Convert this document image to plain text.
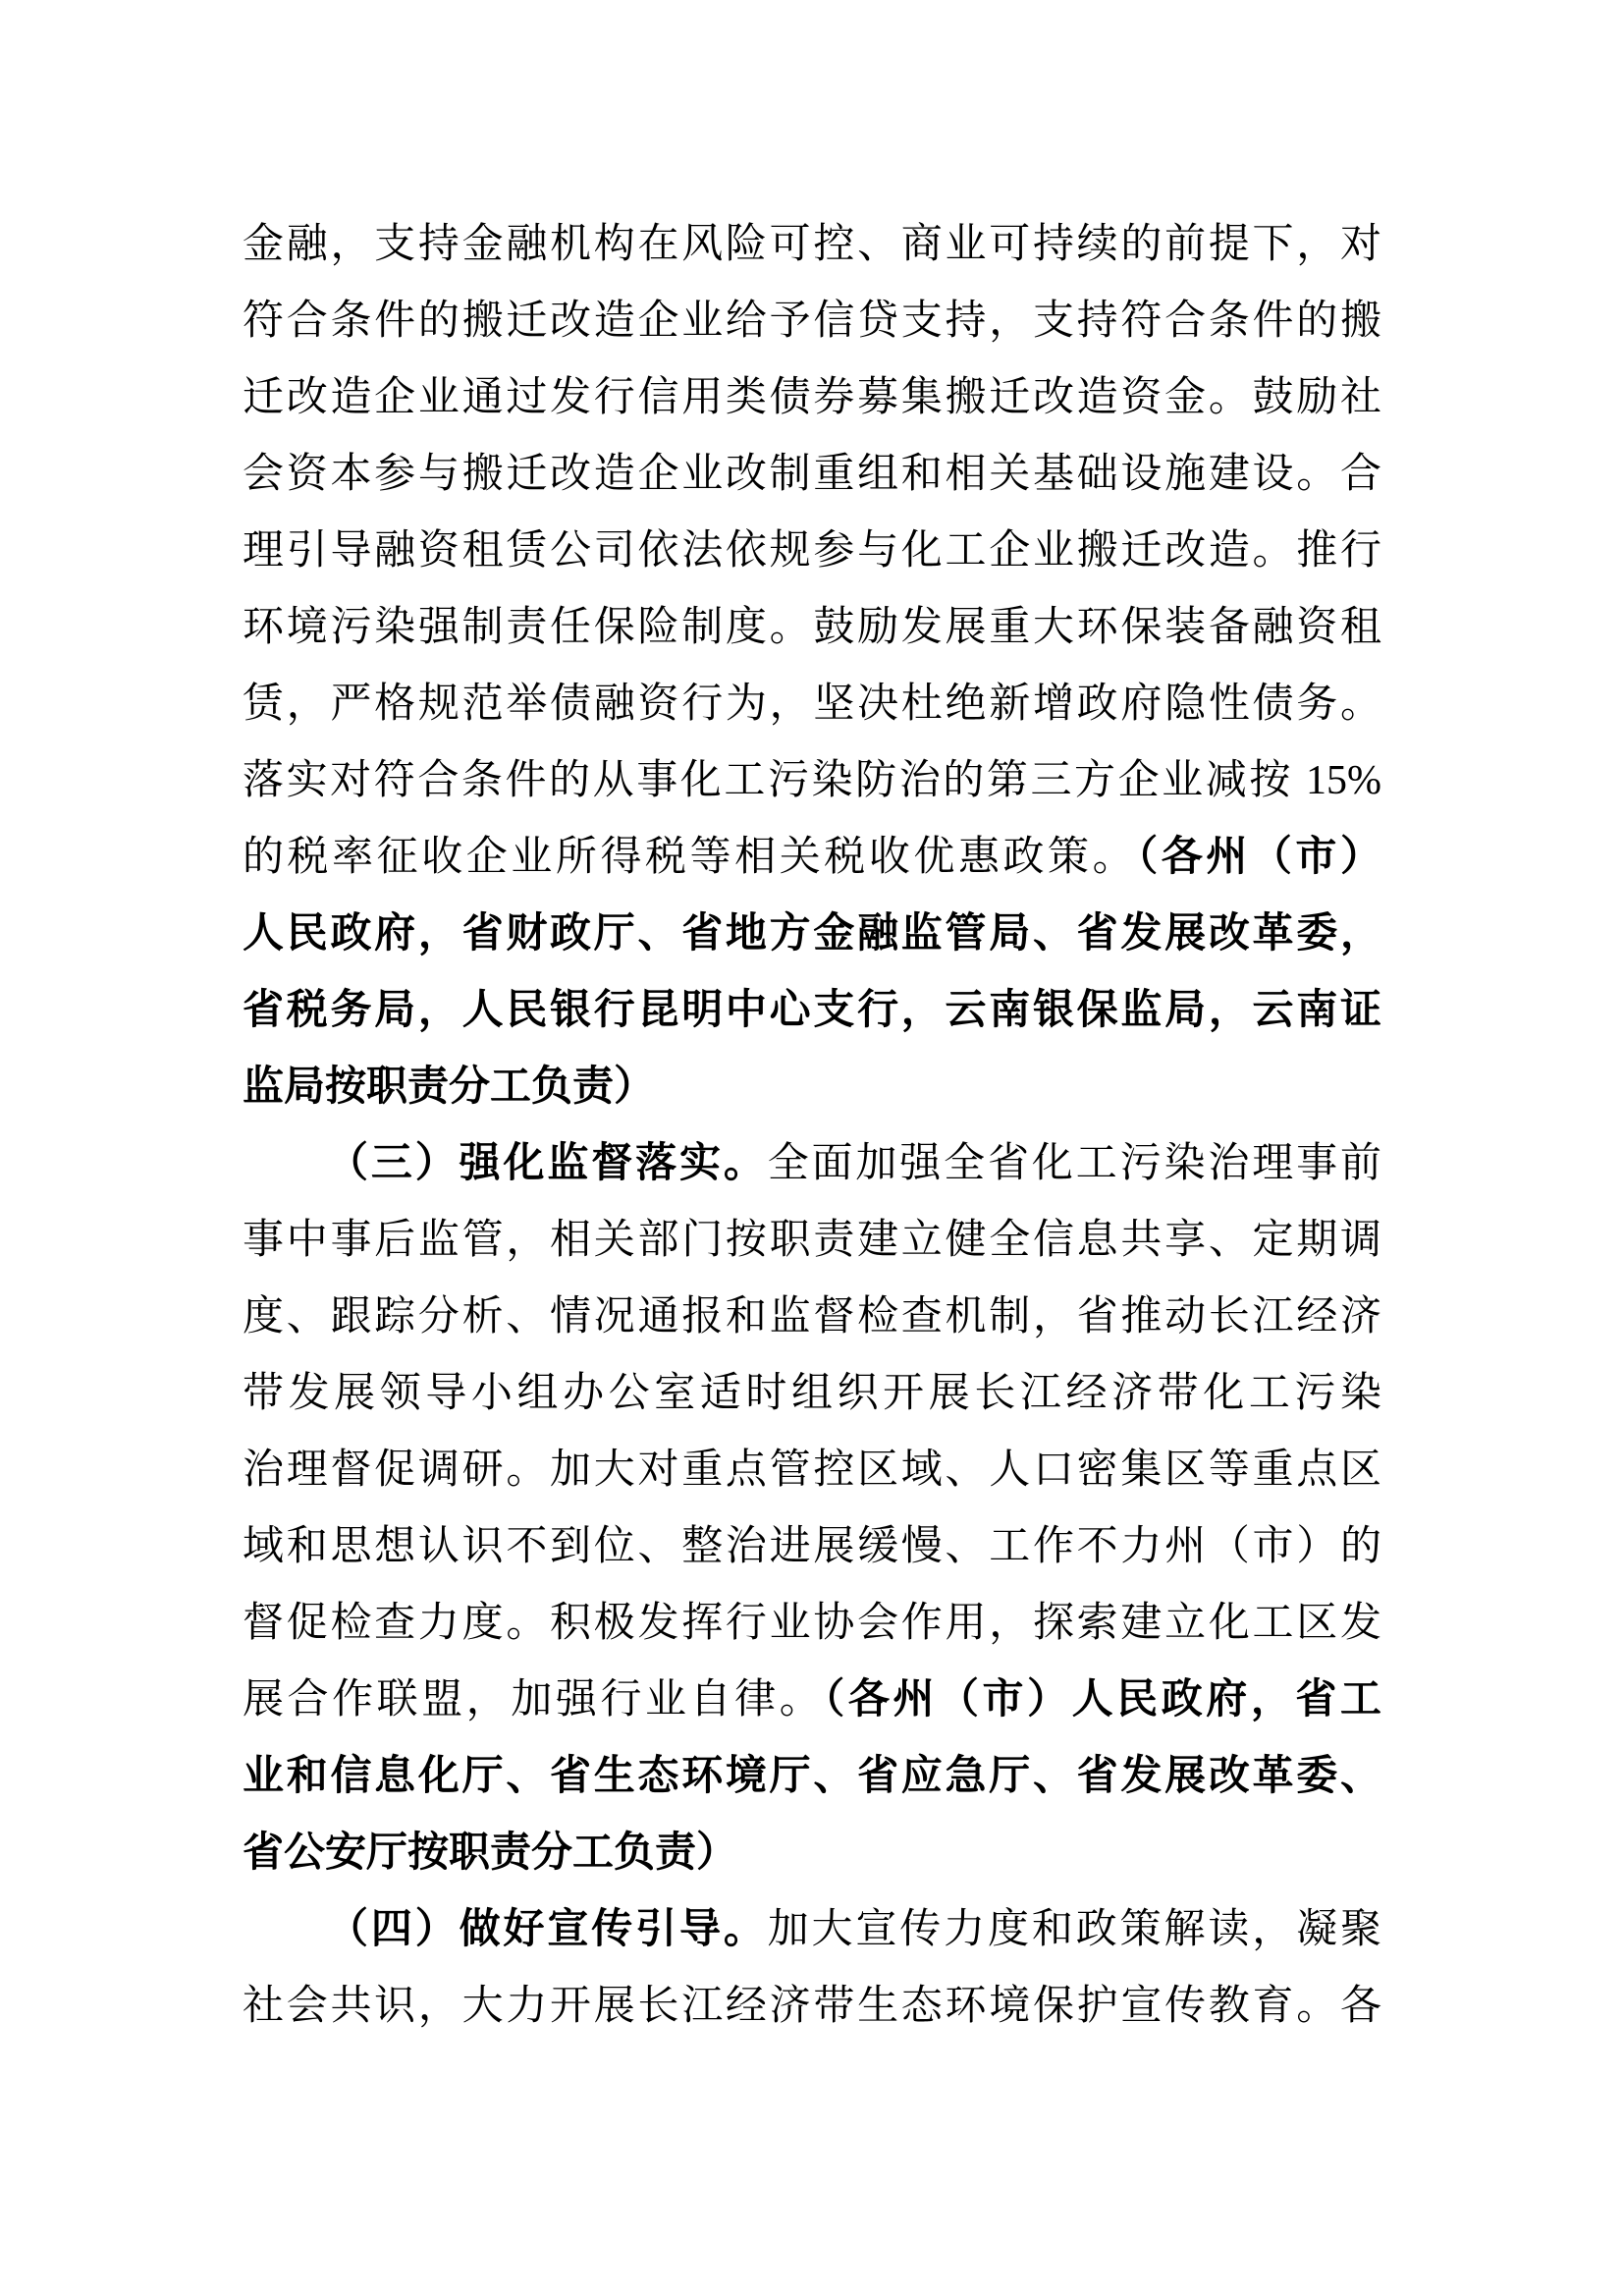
金融，支持金融机构在风险可控、商业可持续的前提下，对
符合条件的搬迁改造企业给予信贷支持，支持符合条件的搬
迁改造企业通过发行信用类债券募集搬迁改造资金。鼓励社
会资本参与搬迁改造企业改制重组和相关基础设施建设。合
理引导融资租赁公司依法依规参与化工企业搬迁改造。推行
环境污染强制责任保险制度。鼓励发展重大环保装备融资租
赁，严格规范举债融资行为，坚决杜绝新增政府隐性债务。
落实对符合条件的从事化工污染防治的第三方企业减按 15%
的税率征收企业所得税等相关税收优惠政策。（各州（市）
人民政府，省财政厅、省地方金融监管局、省发展改革委，
省税务局，人民银行昆明中心支行，云南银保监局，云南证
监局按职责分工负责）
（三）强化监督落实。全面加强全省化工污染治理事前
事中事后监管，相关部门按职责建立健全信息共享、定期调
度、跟踪分析、情况通报和监督检查机制，省推动长江经济
带发展领导小组办公室适时组织开展长江经济带化工污染
治理督促调研。加大对重点管控区域、人口密集区等重点区
域和思想认识不到位、整治进展缓慢、工作不力州（市）的
督促检查力度。积极发挥行业协会作用，探索建立化工区发
展合作联盟，加强行业自律。（各州（市）人民政府，省工
业和信息化厅、省生态环境厅、省应急厅、省发展改革委、
省公安厅按职责分工负责）
（四）做好宣传引导。加大宣传力度和政策解读，凝聚
社会共识，大力开展长江经济带生态环境保护宣传教育。各
